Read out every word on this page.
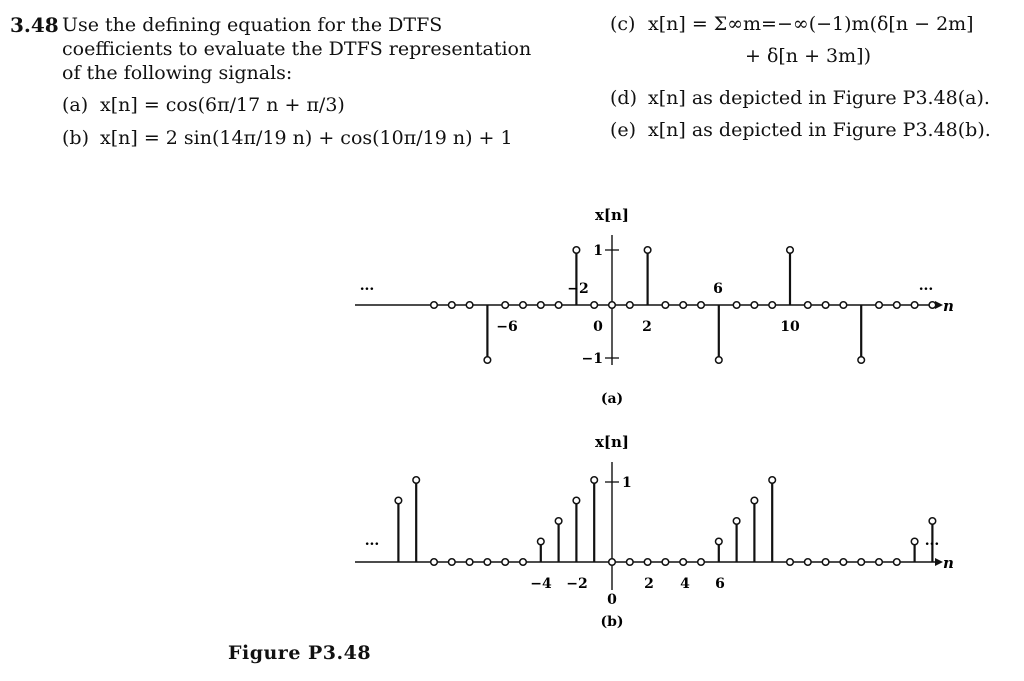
3.48 Use the defining equation for the DTFS coefficients to evaluate the DTFS representation of the following signals:
(a) x[n] = cos(6π/17 n + π/3)
(b) x[n] = 2 sin(14π/19 n) + cos(10π/19 n) + 1
(c) x[n] = Σ∞m=−∞(−1)m(δ[n − 2m]
+ δ[n + 3m])
(d) x[n] as depicted in Figure P3.48(a).
(e) x[n] as depicted in Figure P3.48(b).
Figure P3.48
n
x[n]
1
−1
−6
−2
0	2
6
10
...	...
(a)
n
x[n]
1
−4 −2
0
2 4 6
...	...
(b)
